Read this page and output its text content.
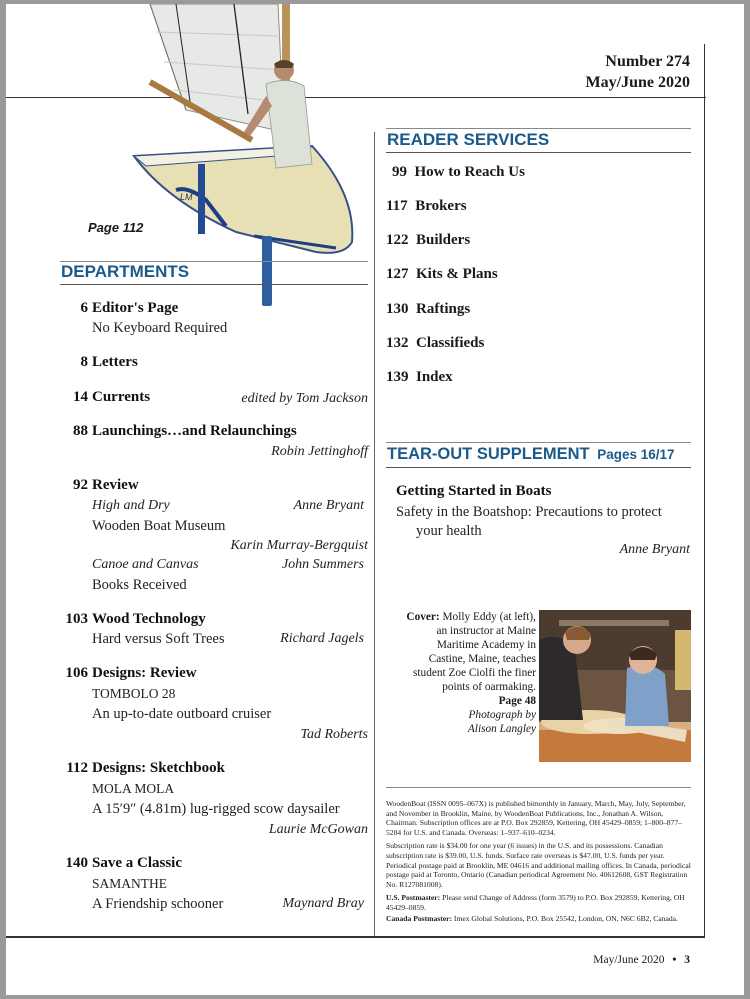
Number 274
May/June 2020
LM
Page 112
DEPARTMENTS
6 Editor's Page
No Keyboard Required
8 Letters
14 Currents	edited by Tom Jackson
88 Launchings…and Relaunchings
Robin Jettinghoff
92 Review
High and Dry	Anne Bryant
Wooden Boat Museum
Karin Murray-Bergquist
Canoe and Canvas	John Summers
Books Received
103 Wood Technology
Hard versus Soft Trees	Richard Jagels
106 Designs: Review
TOMBOLO 28
An up-to-date outboard cruiser
Tad Roberts
112 Designs: Sketchbook
MOLA MOLA
A 15′9″ (4.81m) lug-rigged scow daysailer
Laurie McGowan
140 Save a Classic
SAMANTHE
A Friendship schooner	Maynard Bray
READER SERVICES
99 How to Reach Us
117 Brokers
122 Builders
127 Kits & Plans
130 Raftings
132 Classifieds
139 Index
TEAR-OUT SUPPLEMENT Pages 16/17
Getting Started in Boats
Safety in the Boatshop: Precautions to protect
your health
Anne Bryant
Cover: Molly Eddy (at left),
an instructor at Maine
Maritime Academy in
Castine, Maine, teaches
student Zoe Ciolfi the finer
points of oarmaking.
Page 48
Photograph by
Alison Langley

WoodenBoat (ISSN 0095–067X) is published bimonthly in January, March, May, July, September, and November in Brooklin, Maine, by WoodenBoat Publications, Inc., Jonathan A. Wilson, Chairman. Subscription offices are at P.O. Box 292859, Kettering, OH 45429–0859; 1–800–877–5284 for U.S. and Canada. Overseas: 1–937–610–0234.

Subscription rate is $34.00 for one year (6 issues) in the U.S. and its possessions. Canadian subscription rate is $39.00, U.S. funds. Surface rate overseas is $47.00, U.S. funds per year. Periodical postage paid at Brooklin, ME 04616 and additional mailing offices. In Canada, periodical postage paid at Toronto, Ontario (Canadian periodical Agreement No. 40612608, GST Registration No. R127081008).

U.S. Postmaster: Please send Change of Address (form 3579) to P.O. Box 292859, Kettering, OH 45429–0859.

Canada Postmaster: Imex Global Solutions, P.O. Box 25542, London, ON, N6C 6B2, Canada.

May/June 2020 • 3
